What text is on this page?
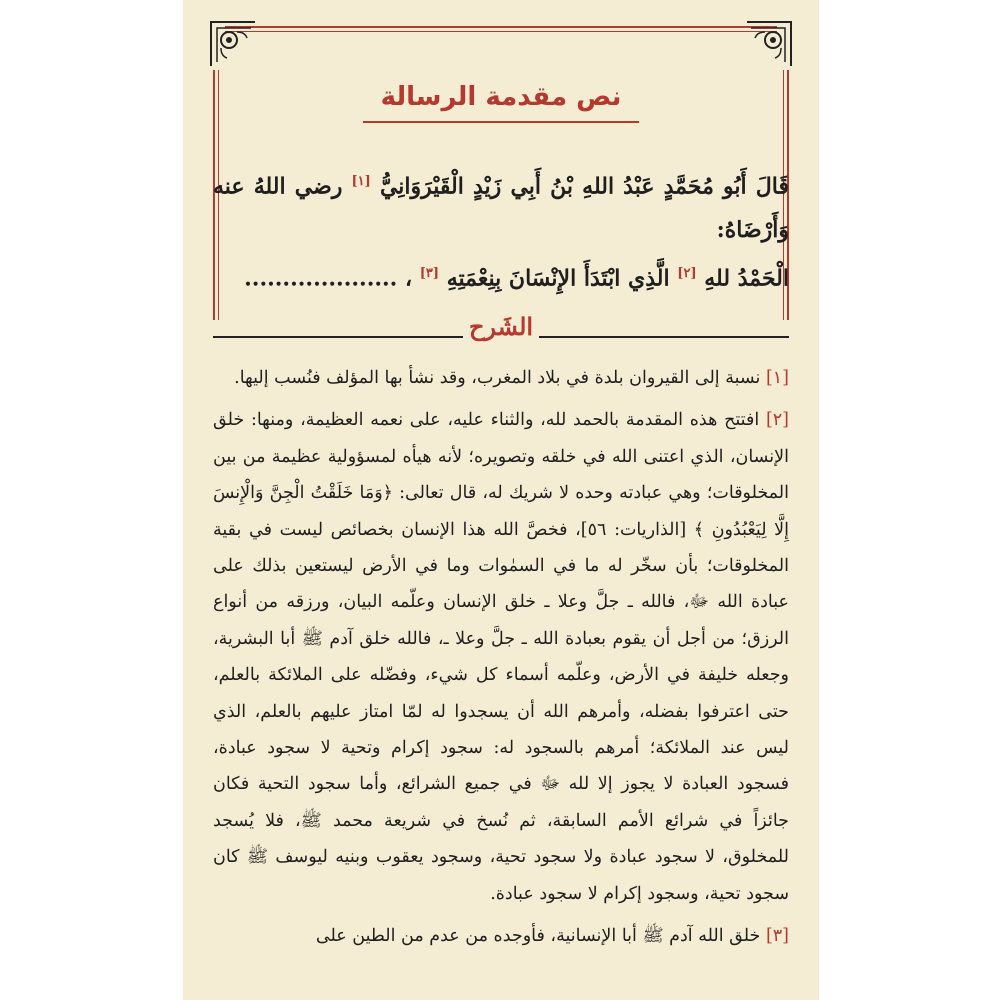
نص مقدمة الرسالة
قَالَ أَبُو مُحَمَّدٍ عَبْدُ اللهِ بْنُ أَبِي زَيْدٍ الْقَيْرَوَانِيُّ [١] رضي اللهُ عنه وَأَرْضَاهُ:
الْحَمْدُ للهِ [٢] الَّذِي ابْتَدَأَ الإِنْسَانَ بِنِعْمَتِهِ [٣] ، ....................
الشَرح

[١] نسبة إلى القيروان بلدة في بلاد المغرب، وقد نشأ بها المؤلف فنُسب إليها.

[٢] افتتح هذه المقدمة بالحمد لله، والثناء عليه، على نعمه العظيمة، ومنها: خلق الإنسان، الذي اعتنى الله في خلقه وتصويره؛ لأنه هيأه لمسؤولية عظيمة من بين المخلوقات؛ وهي عبادته وحده لا شريك له، قال تعالى: ﴿وَمَا خَلَقْتُ الْجِنَّ وَالْإِنسَ إِلَّا لِيَعْبُدُونِ ﴾ [الذاريات: ٥٦]، فخصَّ الله هذا الإنسان بخصائص ليست في بقية المخلوقات؛ بأن سخّر له ما في السمٰوات وما في الأرض ليستعين بذلك على عبادة الله ﷻ، فالله ـ جلَّ وعلا ـ خلق الإنسان وعلّمه البيان، ورزقه من أنواع الرزق؛ من أجل أن يقوم بعبادة الله ـ جلَّ وعلا ـ، فالله خلق آدم ﷺ أبا البشرية، وجعله خليفة في الأرض، وعلّمه أسماء كل شيء، وفضّله على الملائكة بالعلم، حتى اعترفوا بفضله، وأمرهم الله أن يسجدوا له لمّا امتاز عليهم بالعلم، الذي ليس عند الملائكة؛ أمرهم بالسجود له: سجود إكرام وتحية لا سجود عبادة، فسجود العبادة لا يجوز إلا لله ﷻ في جميع الشرائع، وأما سجود التحية فكان جائزاً في شرائع الأمم السابقة، ثم نُسخ في شريعة محمد ﷺ، فلا يُسجد للمخلوق، لا سجود عبادة ولا سجود تحية، وسجود يعقوب وبنيه ليوسف ﷺ كان سجود تحية، وسجود إكرام لا سجود عبادة.

[٣] خلق الله آدم ﷺ أبا الإنسانية، فأوجده من عدم من الطين على
